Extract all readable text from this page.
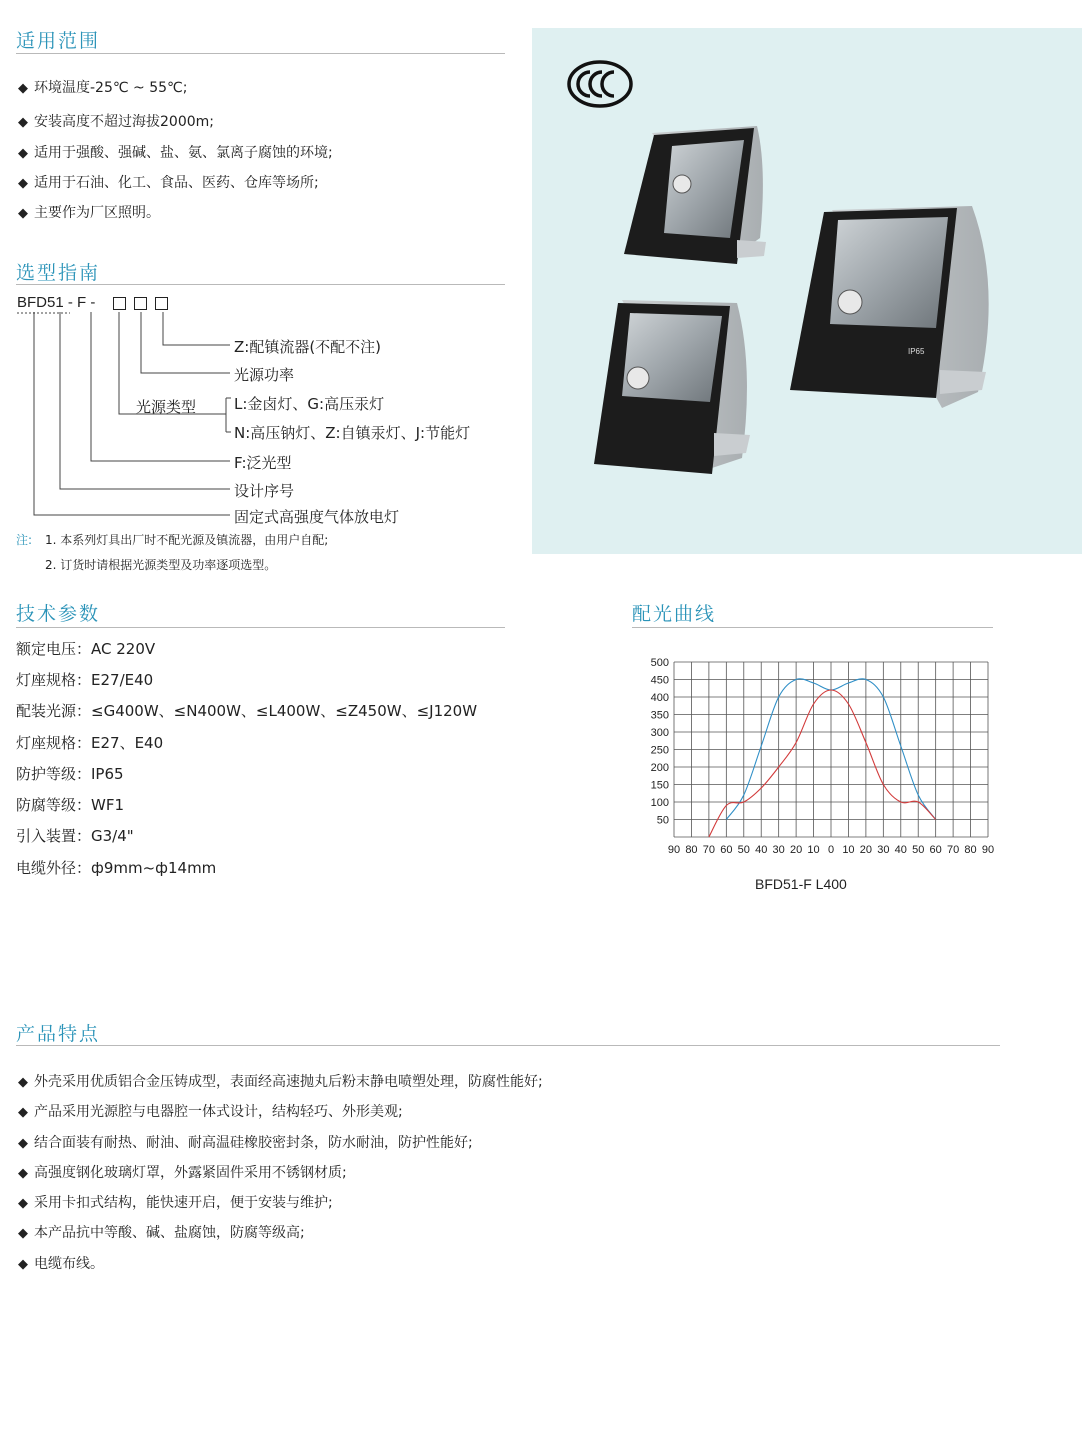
适用范围
◆ 环境温度-25℃ ~ 55℃;
◆ 安装高度不超过海拔2000m;
◆ 适用于强酸、强碱、盐、氨、氯离子腐蚀的环境;
◆ 适用于石油、化工、食品、医药、仓库等场所;
◆ 主要作为厂区照明。
选型指南
BFD51 - F -
Z:配镇流器(不配不注)
光源功率
光源类型	L:金卤灯、G:高压汞灯
N:高压钠灯、Z:自镇汞灯、J:节能灯
F:泛光型
设计序号
固定式高强度气体放电灯
注: 1. 本系列灯具出厂时不配光源及镇流器，由用户自配;
2. 订货时请根据光源类型及功率逐项选型。
IP65
技术参数
额定电压：AC 220V
灯座规格：E27/E40
配装光源：≤G400W、≤N400W、≤L400W、≤Z450W、≤J120W
灯座规格：E27、E40
防护等级：IP65
防腐等级：WF1
引入装置：G3/4"
电缆外径：ф9mm~ф14mm
配光曲线
50
100
150
200
250
300
350
400
450
500
90 80 70 60 50 40 30 20 10 0 10 20 30 40 50 60 70 80 90
BFD51-F L400
产品特点
◆ 外壳采用优质铝合金压铸成型，表面经高速抛丸后粉末静电喷塑处理，防腐性能好;
◆ 产品采用光源腔与电器腔一体式设计，结构轻巧、外形美观;
◆ 结合面装有耐热、耐油、耐高温硅橡胶密封条，防水耐油，防护性能好;
◆ 高强度钢化玻璃灯罩，外露紧固件采用不锈钢材质;
◆ 采用卡扣式结构，能快速开启，便于安装与维护;
◆ 本产品抗中等酸、碱、盐腐蚀，防腐等级高;
◆ 电缆布线。
